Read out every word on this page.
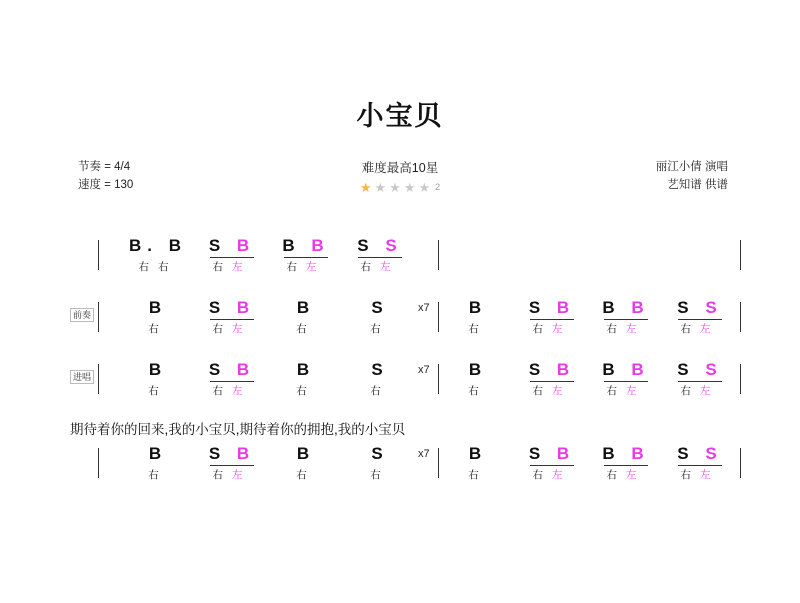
小宝贝
节奏 = 4/4
速度 = 130
难度最高10星
★★★★★ 2
丽江小倩 演唱
艺知谱 供谱
B. B
右右
S B
右左
B B
右左
S S
右左
前奏	B
右
S B
右左
B
右
S
右
B
右
S B
右左
B B
右左
S S
右左
x7
进唱	B
右
S B
右左
B
右
S
右
B
右
S B
右左
B B
右左
S S
右左
x7
期待着你的回来,我的小宝贝,期待着你的拥抱,我的小宝贝
B
右
S B
右左
B
右
S
右
B
右
S B
右左
B B
右左
S S
右左
x7
